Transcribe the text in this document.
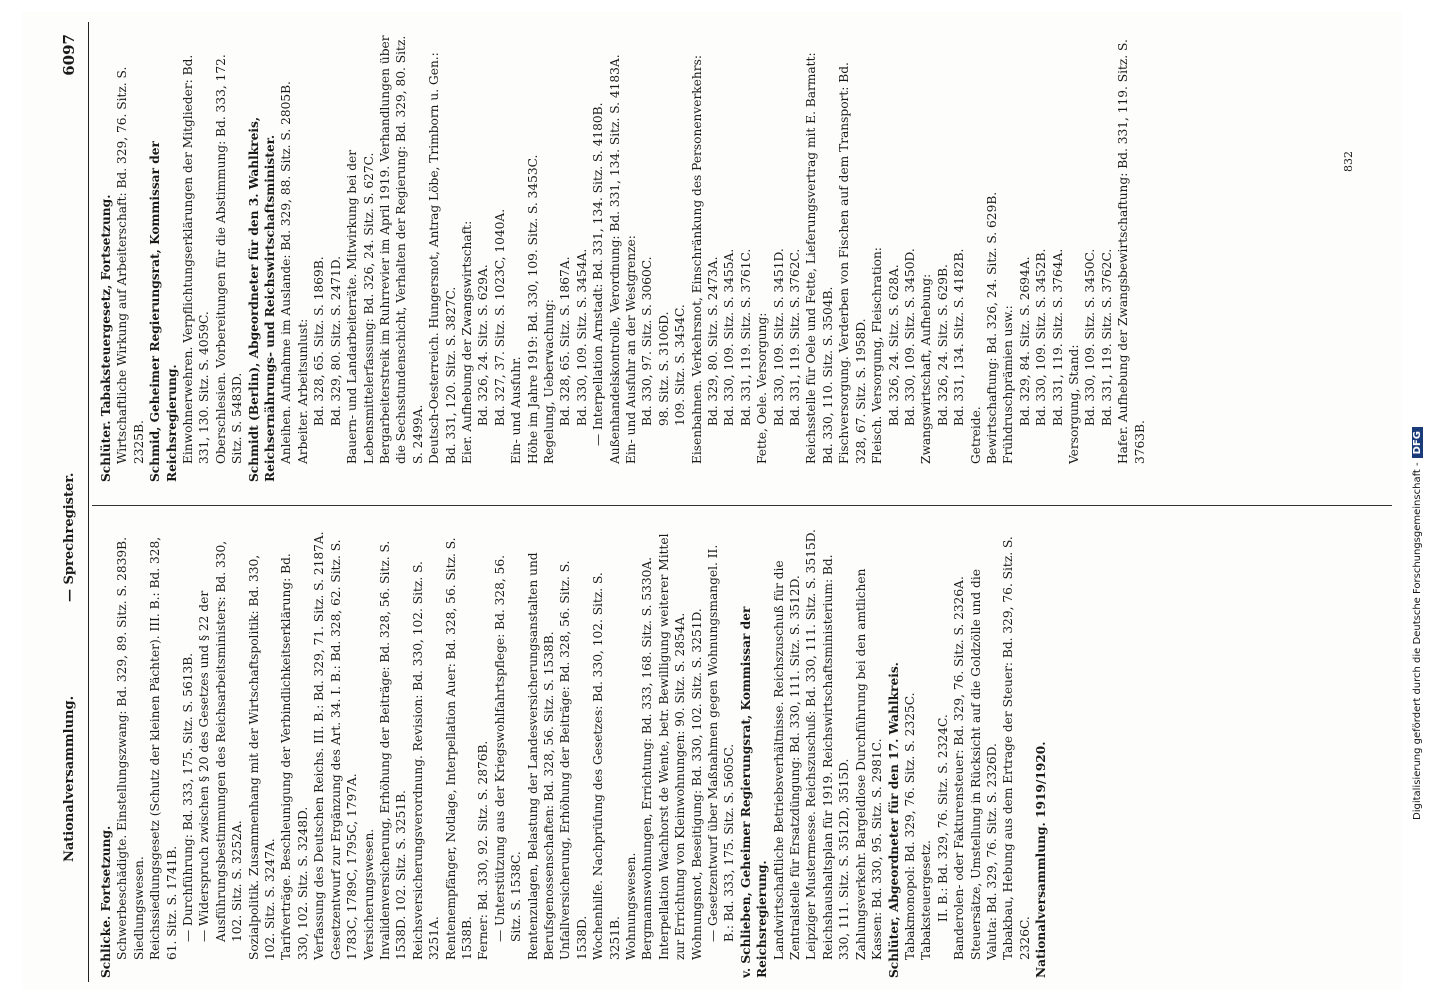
Nationalversammlung.
— Sprechregister.
6097

Schlicke. Fortsetzung. Schwerbeschädigte. Einstellungszwang: Bd. 329, 89. Sitz. S. 2839B. Siedlungswesen. Reichssiedlungsgesetz (Schutz der kleinen Pächter). III. B.: Bd. 328, 61. Sitz. S. 1741B. — Durchführung: Bd. 333, 175. Sitz. S. 5613B. — Widerspruch zwischen § 20 des Gesetzes und § 22 der Ausführungsbestimmungen des Reichsarbeitsministers: Bd. 330, 102. Sitz. S. 3252A. Sozialpolitik. Zusammenhang mit der Wirtschaftspolitik: Bd. 330, 102. Sitz. S. 3247A. Tarifverträge. Beschleunigung der Verbindlichkeitserklärung: Bd. 330, 102. Sitz. S. 3248D. Verfassung des Deutschen Reichs. III. B.: Bd. 329, 71. Sitz. S. 2187A. Gesetzentwurf zur Ergänzung des Art. 34. I. B.: Bd. 328, 62. Sitz. S. 1783C, 1789C, 1795C, 1797A. Versicherungswesen. Invalidenversicherung, Erhöhung der Beiträge: Bd. 328, 56. Sitz. S. 1538D. 102. Sitz. S. 3251B. Reichsversicherungsverordnung. Revision: Bd. 330, 102. Sitz. S. 3251A. Rentenempfänger, Notlage, Interpellation Auer: Bd. 328, 56. Sitz. S. 1538B. Ferner: Bd. 330, 92. Sitz. S. 2876B. — Unterstützung aus der Kriegswohlfahrtspflege: Bd. 328, 56. Sitz. S. 1538C. Rentenzulagen, Belastung der Landesversicherungsanstalten und Berufsgenossenschaften: Bd. 328, 56. Sitz. S. 1538B. Unfallversicherung, Erhöhung der Beiträge: Bd. 328, 56. Sitz. S. 1538D. Wochenhilfe. Nachprüfung des Gesetzes: Bd. 330, 102. Sitz. S. 3251B. Wohnungswesen. Bergmannswohnungen, Errichtung: Bd. 333, 168. Sitz. S. 5330A. Interpellation Wachhorst de Wente, betr. Bewilligung weiterer Mittel zur Errichtung von Kleinwohnungen: 90. Sitz. S. 2854A. Wohnungsnot, Beseitigung: Bd. 330, 102. Sitz. S. 3251D. — Gesetzentwurf über Maßnahmen gegen Wohnungsmangel. II. B.: Bd. 333, 175. Sitz. S. 5605C. v. Schlieben, Geheimer Regierungsrat, Kommissar der Reichsregierung. Landwirtschaftliche Betriebsverhältnisse. Reichszuschuß für die Zentralstelle für Ersatzdüngung: Bd. 330, 111. Sitz. S. 3512D. Leipziger Mustermesse. Reichszuschuß: Bd. 330, 111. Sitz. S. 3515D. Reichshaushaltsplan für 1919. Reichswirtschaftsministerium: Bd. 330, 111. Sitz. S. 3512D, 3515D. Zahlungsverkehr. Bargeldlose Durchführung bei den amtlichen Kassen: Bd. 330, 95. Sitz. S. 2981C. Schlüter, Abgeordneter für den 17. Wahlkreis. Tabakmonopol: Bd. 329, 76. Sitz. S. 2325C. Tabaksteuergesetz. II. B.: Bd. 329, 76. Sitz. S. 2324C. Banderolen- oder Fakturensteuer: Bd. 329, 76. Sitz. S. 2326A. Steuersätze, Umstellung in Rücksicht auf die Goldzölle und die Valuta: Bd. 329, 76. Sitz. S. 2326D. Tabakbau, Hebung aus dem Ertrage der Steuer: Bd. 329, 76. Sitz. S. 2326C. Nationalversammlung. 1919/1920.

Schlüter. Tabaksteuergesetz, Fortsetzung. Wirtschaftliche Wirkung auf Arbeiterschaft: Bd. 329, 76. Sitz. S. 2325B. Schmid, Geheimer Regierungsrat, Kommissar der Reichsregierung. Einwohnerwehren. Verpflichtungserklärungen der Mitglieder: Bd. 331, 130. Sitz. S. 4059C. Oberschlesien. Vorbereitungen für die Abstimmung: Bd. 333, 172. Sitz. S. 5483D. Schmidt (Berlin), Abgeordneter für den 3. Wahlkreis, Reichsernährungs- und Reichswirtschaftsminister. Anleihen. Aufnahme im Auslande: Bd. 329, 88. Sitz. S. 2805B. Arbeiter. Arbeitsunlust: Bd. 328, 65. Sitz. S. 1869B. Bd. 329, 80. Sitz. S. 2471D. Bauern- und Landarbeiterräte. Mitwirkung bei der Lebensmittelerfassung: Bd. 326, 24. Sitz. S. 627C. Bergarbeiterstreik im Ruhrrevier im April 1919. Verhandlungen über die Sechsstundenschicht, Verhalten der Regierung: Bd. 329, 80. Sitz. S. 2499A. Deutsch-Oesterreich. Hungersnot, Antrag Löbe, Trimborn u. Gen.: Bd. 331, 120. Sitz. S. 3827C. Eier. Aufhebung der Zwangswirtschaft: Bd. 326, 24. Sitz. S. 629A. Bd. 327, 37. Sitz. S. 1023C, 1040A. Ein- und Ausfuhr. Höhe im Jahre 1919: Bd. 330, 109. Sitz. S. 3453C. Regelung, Ueberwachung: Bd. 328, 65. Sitz. S. 1867A. Bd. 330, 109. Sitz. S. 3454A. — Interpellation Arnstadt: Bd. 331, 134. Sitz. S. 4180B. Außenhandelskontrolle, Verordnung: Bd. 331, 134. Sitz. S. 4183A. Ein- und Ausfuhr an der Westgrenze: Bd. 330, 97. Sitz. S. 3060C. 98. Sitz. S. 3106D. 109. Sitz. S. 3454C. Eisenbahnen. Verkehrsnot, Einschränkung des Personenverkehrs: Bd. 329, 80. Sitz. S. 2473A. Bd. 330, 109. Sitz. S. 3455A. Bd. 331, 119. Sitz. S. 3761C. Fette, Oele. Versorgung: Bd. 330, 109. Sitz. S. 3451D. Bd. 331, 119. Sitz. S. 3762C. Reichsstelle für Oele und Fette, Lieferungsvertrag mit E. Barmatt: Bd. 330, 110. Sitz. S. 3504B. Fischversorgung. Verderben von Fischen auf dem Transport: Bd. 328, 67. Sitz. S. 1958D. Fleisch. Versorgung, Fleischration: Bd. 326, 24. Sitz. S. 628A. Bd. 330, 109. Sitz. S. 3450D. Zwangswirtschaft, Aufhebung: Bd. 326, 24. Sitz. S. 629B. Bd. 331, 134. Sitz. S. 4182B.

Getreide. Bewirtschaftung: Bd. 326, 24. Sitz. S. 629B. Frühdruschprämien usw.: Bd. 329, 84. Sitz. S. 2694A. Bd. 330, 109. Sitz. S. 3452B. Bd. 331, 119. Sitz. S. 3764A. Versorgung, Stand: Bd. 330, 109. Sitz. S. 3450C. Bd. 331, 119. Sitz. S. 3762C. Hafer. Aufhebung der Zwangsbewirtschaftung: Bd. 331, 119. Sitz. S. 3763B.

832
Digitalisierung gefördert durch die Deutsche Forschungsgemeinschaft -DFG
